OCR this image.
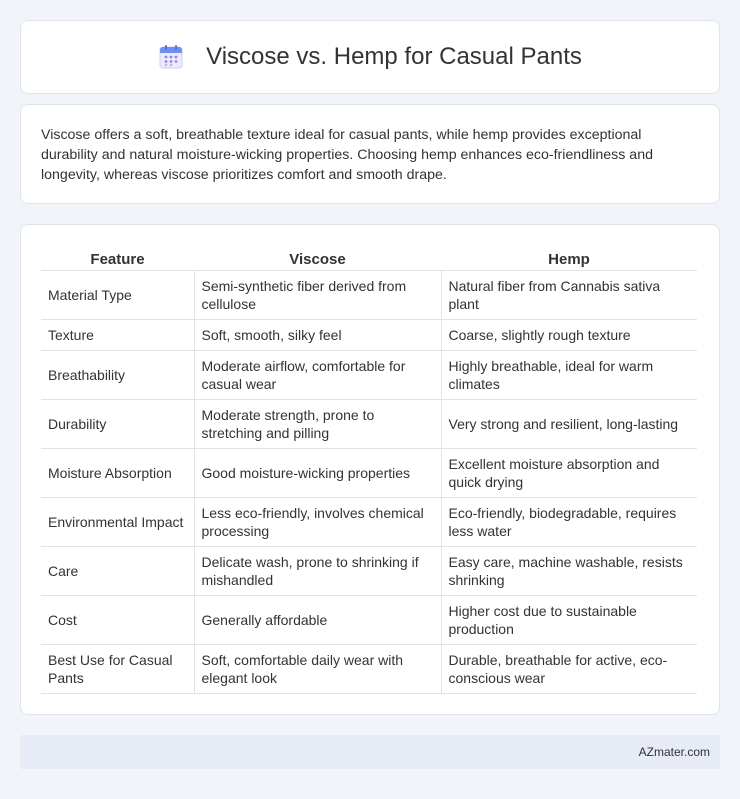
Viscose vs. Hemp for Casual Pants

Viscose offers a soft, breathable texture ideal for casual pants, while hemp provides exceptional durability and natural moisture-wicking properties. Choosing hemp enhances eco-friendliness and longevity, whereas viscose prioritizes comfort and smooth drape.

Feature	Viscose	Hemp
Material Type	Semi-synthetic fiber derived from cellulose	Natural fiber from Cannabis sativa plant
Texture	Soft, smooth, silky feel	Coarse, slightly rough texture
Breathability	Moderate airflow, comfortable for casual wear	Highly breathable, ideal for warm climates
Durability	Moderate strength, prone to stretching and pilling	Very strong and resilient, long-lasting
Moisture Absorption	Good moisture-wicking properties	Excellent moisture absorption and quick drying
Environmental Impact	Less eco-friendly, involves chemical processing	Eco-friendly, biodegradable, requires less water
Care	Delicate wash, prone to shrinking if mishandled	Easy care, machine washable, resists shrinking
Cost	Generally affordable	Higher cost due to sustainable production
Best Use for Casual Pants	Soft, comfortable daily wear with elegant look	Durable, breathable for active, eco-conscious wear
AZmater.com
